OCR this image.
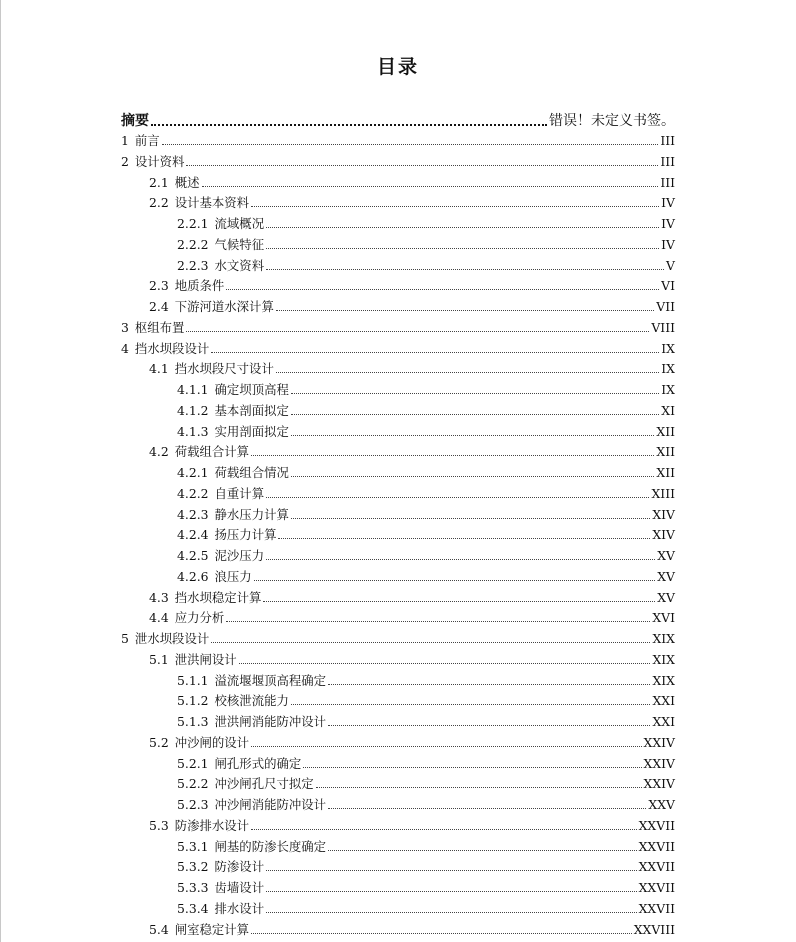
目录
摘要	错误！未定义书签。
1 前言	III
2 设计资料	III
2.1 概述	III
2.2 设计基本资料	IV
2.2.1 流域概况	IV
2.2.2 气候特征	IV
2.2.3 水文资料	V
2.3 地质条件	VI
2.4 下游河道水深计算	VII
3 枢组布置	VIII
4 挡水坝段设计	IX
4.1 挡水坝段尺寸设计	IX
4.1.1 确定坝顶高程	IX
4.1.2 基本剖面拟定	XI
4.1.3 实用剖面拟定	XII
4.2 荷载组合计算	XII
4.2.1 荷载组合情况	XII
4.2.2 自重计算	XIII
4.2.3 静水压力计算	XIV
4.2.4 扬压力计算	XIV
4.2.5 泥沙压力	XV
4.2.6 浪压力	XV
4.3 挡水坝稳定计算	XV
4.4 应力分析	XVI
5 泄水坝段设计	XIX
5.1 泄洪闸设计	XIX
5.1.1 溢流堰堰顶高程确定	XIX
5.1.2 校核泄流能力	XXI
5.1.3 泄洪闸消能防冲设计	XXI
5.2 冲沙闸的设计	XXIV
5.2.1 闸孔形式的确定	XXIV
5.2.2 冲沙闸孔尺寸拟定	XXIV
5.2.3 冲沙闸消能防冲设计	XXV
5.3 防渗排水设计	XXVII
5.3.1 闸基的防渗长度确定	XXVII
5.3.2 防渗设计	XXVII
5.3.3 齿墙设计	XXVII
5.3.4 排水设计	XXVII
5.4 闸室稳定计算	XXVIII
